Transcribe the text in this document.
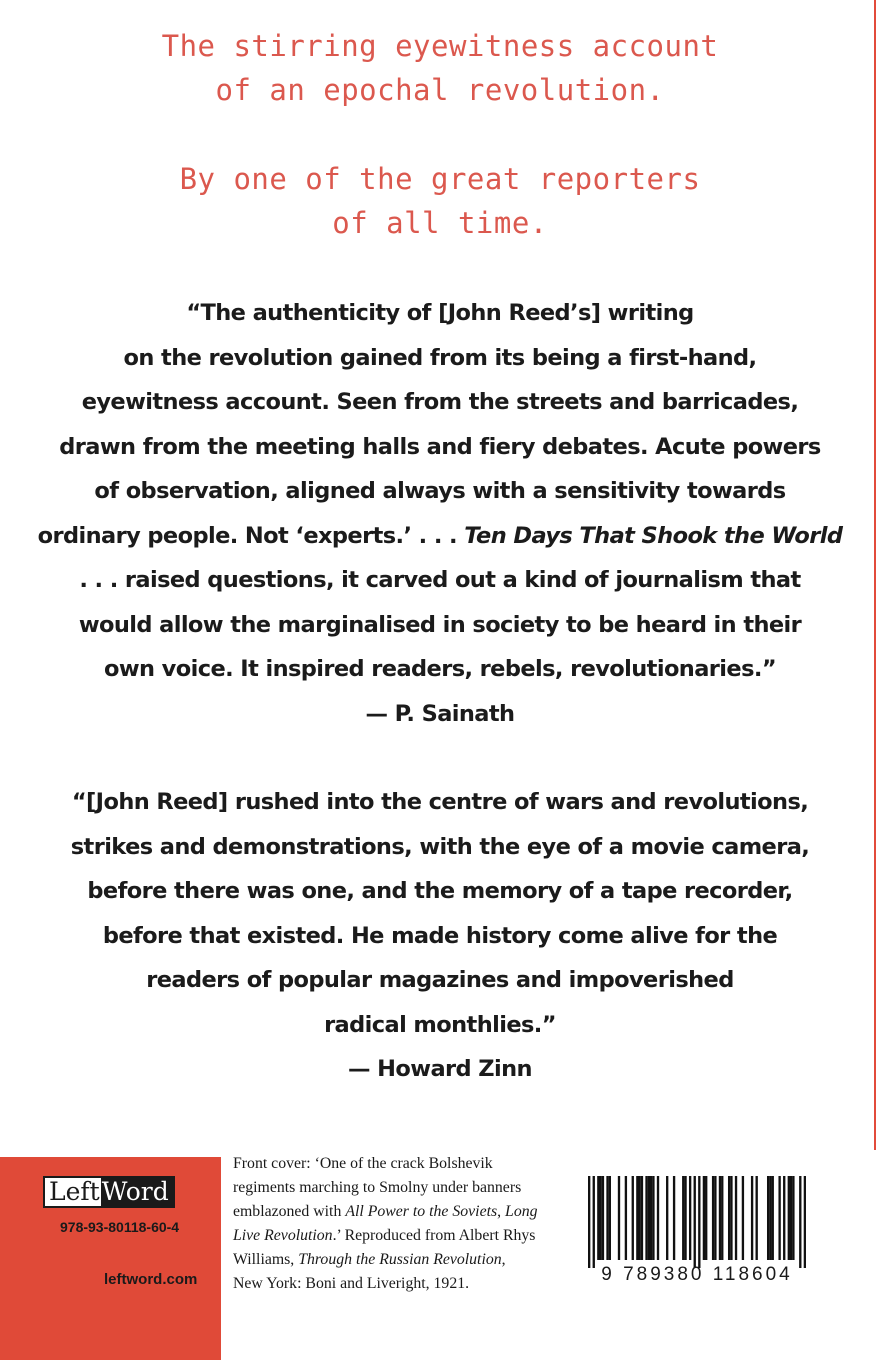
The stirring eyewitness account
of an epochal revolution.
By one of the great reporters
of all time.
“The authenticity of [John Reed’s] writing
on the revolution gained from its being a first-hand,
eyewitness account. Seen from the streets and barricades,
drawn from the meeting halls and fiery debates. Acute powers
of observation, aligned always with a sensitivity towards
ordinary people. Not ‘experts.’ . . . Ten Days That Shook the World
. . . raised questions, it carved out a kind of journalism that
would allow the marginalised in society to be heard in their
own voice. It inspired readers, rebels, revolutionaries.”
— P. Sainath
“[John Reed] rushed into the centre of wars and revolutions,
strikes and demonstrations, with the eye of a movie camera,
before there was one, and the memory of a tape recorder,
before that existed. He made history come alive for the
readers of popular magazines and impoverished
radical monthlies.”
— Howard Zinn
Left Word
978-93-80118-60-4
leftword.com
Front cover: ‘One of the crack Bolshevik
regiments marching to Smolny under banners
emblazoned with All Power to the Soviets, Long
Live Revolution.’ Reproduced from Albert Rhys
Williams, Through the Russian Revolution,
New York: Boni and Liveright, 1921.	9 789380 118604
